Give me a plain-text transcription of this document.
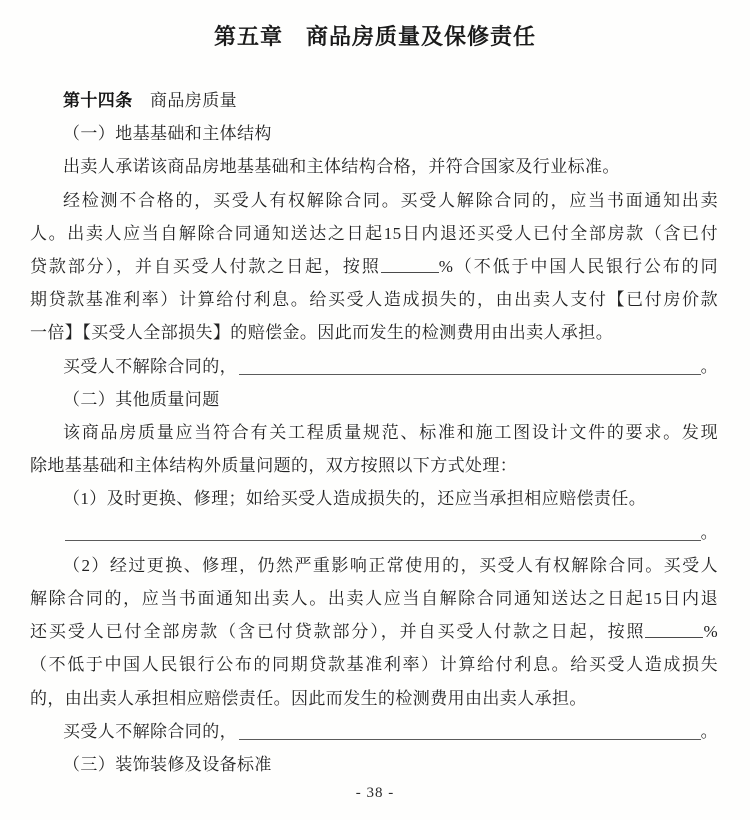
第五章　商品房质量及保修责任
第十四条　商品房质量
（一）地基基础和主体结构
出卖人承诺该商品房地基基础和主体结构合格，并符合国家及行业标准。
经检测不合格的，买受人有权解除合同。买受人解除合同的，应当书面通知出卖
人。出卖人应当自解除合同通知送达之日起15日内退还买受人已付全部房款（含已付
贷款部分），并自买受人付款之日起，按照	%（不低于中国人民银行公布的同
期贷款基准利率）计算给付利息。给买受人造成损失的，由出卖人支付【已付房价款
一倍】【买受人全部损失】的赔偿金。因此而发生的检测费用由出卖人承担。
买受人不解除合同的，	。
（二）其他质量问题
该商品房质量应当符合有关工程质量规范、标准和施工图设计文件的要求。发现
除地基基础和主体结构外质量问题的，双方按照以下方式处理：
（1）及时更换、修理；如给买受人造成损失的，还应当承担相应赔偿责任。
。
（2）经过更换、修理，仍然严重影响正常使用的，买受人有权解除合同。买受人
解除合同的，应当书面通知出卖人。出卖人应当自解除合同通知送达之日起15日内退
还买受人已付全部房款（含已付贷款部分），并自买受人付款之日起，按照	%
（不低于中国人民银行公布的同期贷款基准利率）计算给付利息。给买受人造成损失
的，由出卖人承担相应赔偿责任。因此而发生的检测费用由出卖人承担。
买受人不解除合同的，	。
（三）装饰装修及设备标准
- 38 -
